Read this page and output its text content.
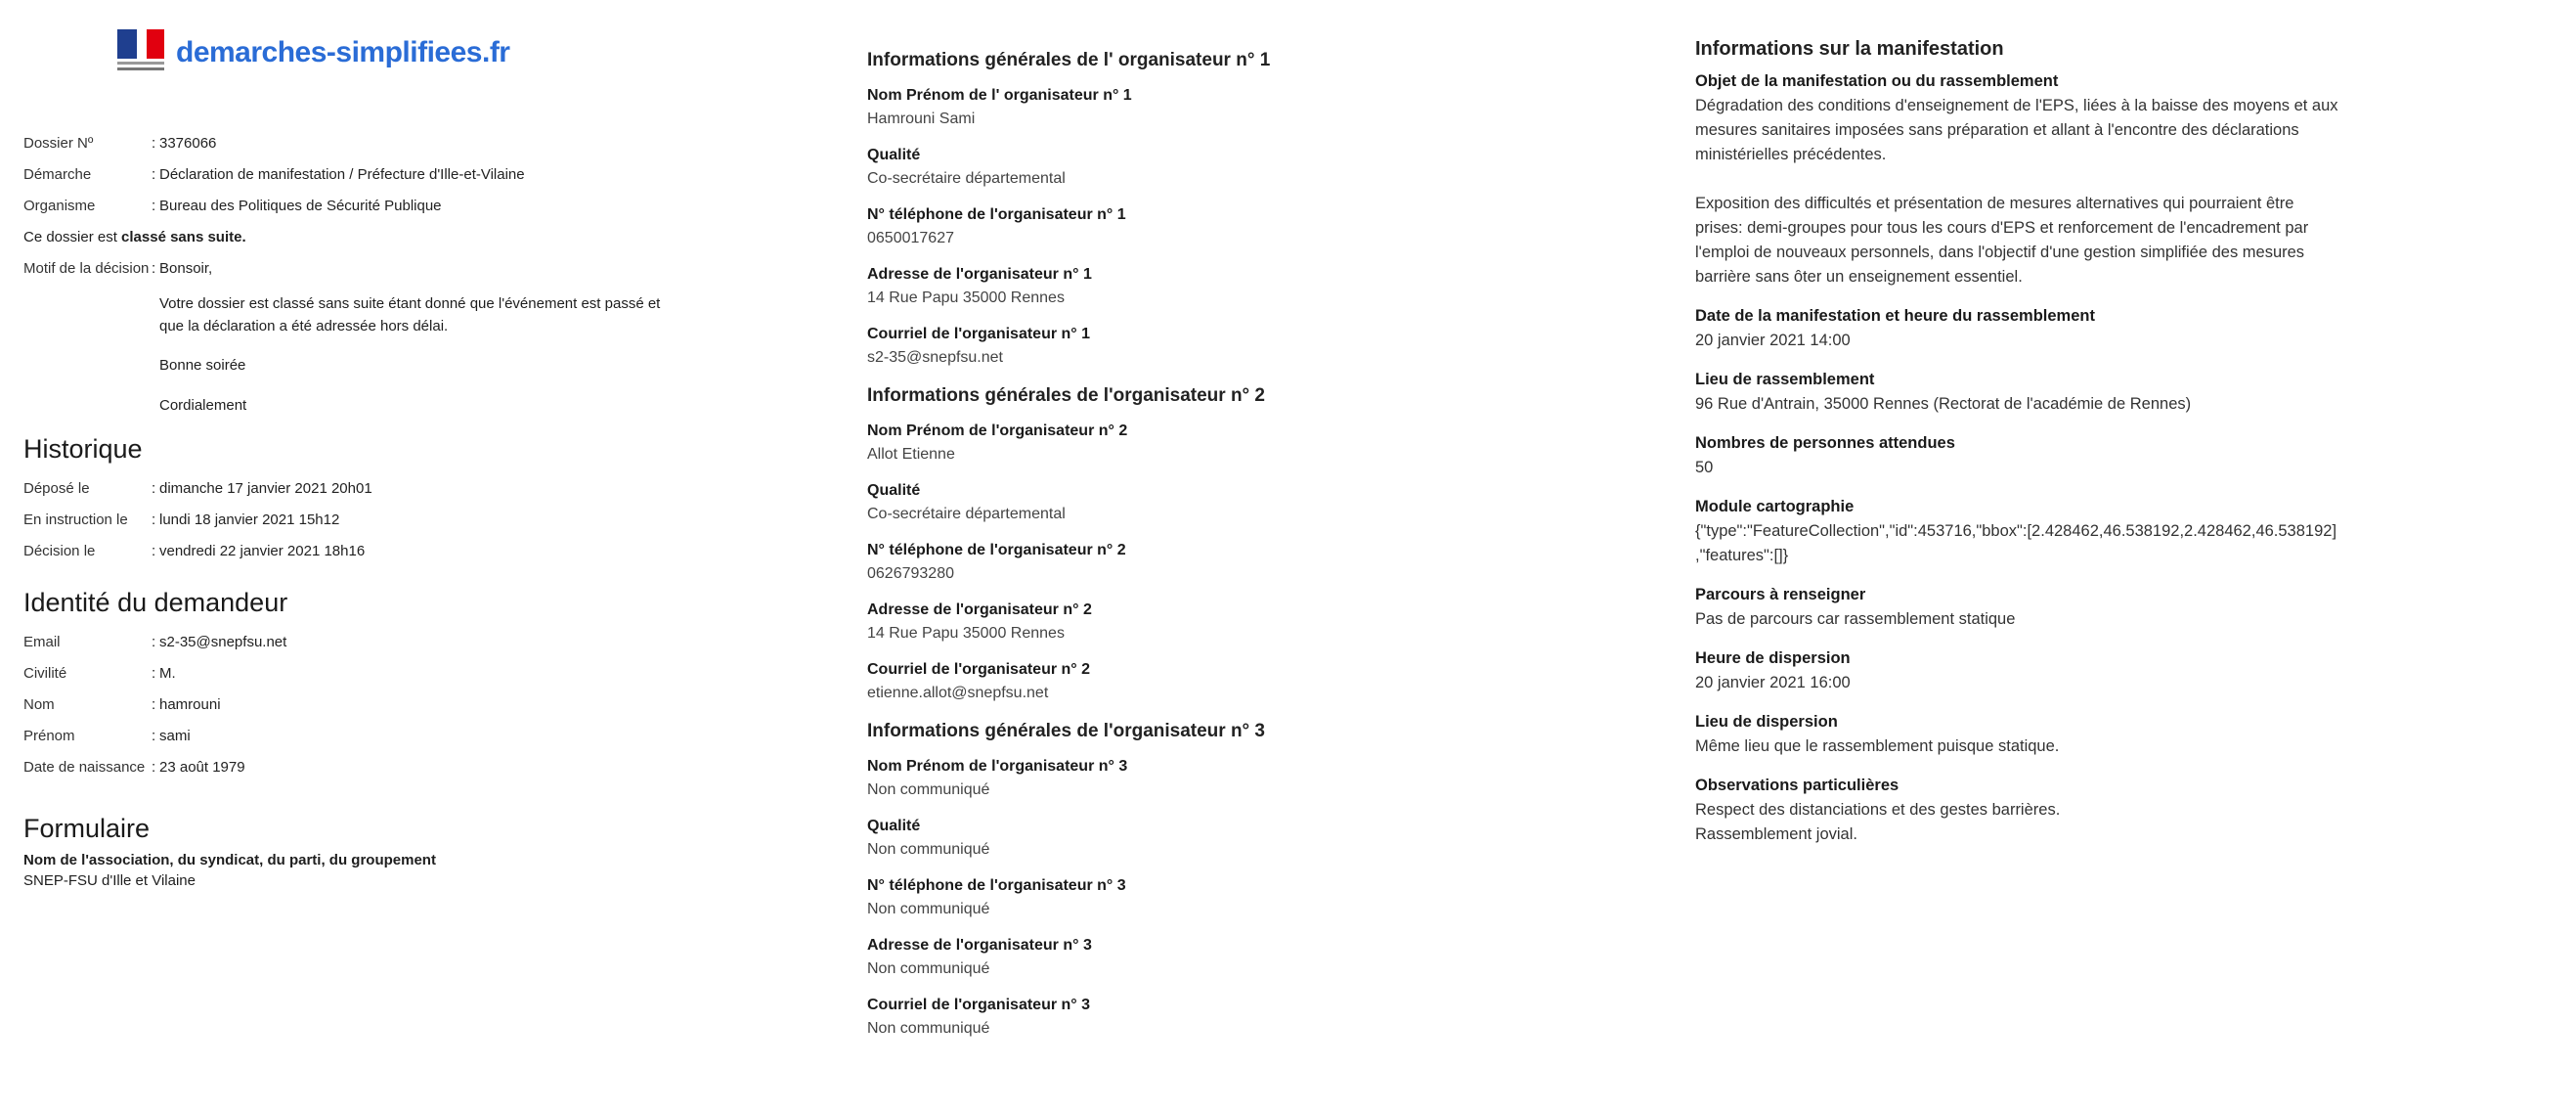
demarches-simplifiees.fr
Dossier Nº	: 3376066
Démarche	: Déclaration de manifestation / Préfecture d'Ille-et-Vilaine
Organisme	: Bureau des Politiques de Sécurité Publique
Ce dossier est classé sans suite.
Motif de la décision : Bonsoir,

Votre dossier est classé sans suite étant donné que l'événement est passé et que la déclaration a été adressée hors délai.

Bonne soirée

Cordialement

Historique
Déposé le	: dimanche 17 janvier 2021 20h01
En instruction le	: lundi 18 janvier 2021 15h12
Décision le	: vendredi 22 janvier 2021 18h16
Identité du demandeur
Email	: s2-35@snepfsu.net
Civilité	: M.
Nom	: hamrouni
Prénom	: sami
Date de naissance : 23 août 1979
Formulaire
Nom de l'association, du syndicat, du parti, du groupement
SNEP-FSU d'Ille et Vilaine
Informations générales de l' organisateur n° 1
Nom Prénom de l' organisateur n° 1
Hamrouni Sami
Qualité
Co-secrétaire départemental
N° téléphone de l'organisateur n° 1
0650017627
Adresse de l'organisateur n° 1
14 Rue Papu 35000 Rennes
Courriel de l'organisateur n° 1
s2-35@snepfsu.net
Informations générales de l'organisateur n° 2
Nom Prénom de l'organisateur n° 2
Allot Etienne
Qualité
Co-secrétaire départemental
N° téléphone de l'organisateur n° 2
0626793280
Adresse de l'organisateur n° 2
14 Rue Papu 35000 Rennes
Courriel de l'organisateur n° 2
etienne.allot@snepfsu.net
Informations générales de l'organisateur n° 3
Nom Prénom de l'organisateur n° 3
Non communiqué
Qualité
Non communiqué
N° téléphone de l'organisateur n° 3
Non communiqué
Adresse de l'organisateur n° 3
Non communiqué
Courriel de l'organisateur n° 3
Non communiqué
Informations sur la manifestation
Objet de la manifestation ou du rassemblement
Dégradation des conditions d'enseignement de l'EPS, liées à la baisse des moyens et aux
mesures sanitaires imposées sans préparation et allant à l'encontre des déclarations
ministérielles précédentes.

Exposition des difficultés et présentation de mesures alternatives qui pourraient être
prises: demi-groupes pour tous les cours d'EPS et renforcement de l'encadrement par
l'emploi de nouveaux personnels, dans l'objectif d'une gestion simplifiée des mesures
barrière sans ôter un enseignement essentiel.
Date de la manifestation et heure du rassemblement
20 janvier 2021 14:00
Lieu de rassemblement
96 Rue d'Antrain, 35000 Rennes (Rectorat de l'académie de Rennes)
Nombres de personnes attendues
50
Module cartographie
{"type":"FeatureCollection","id":453716,"bbox":[2.428462,46.538192,2.428462,46.538192]
,"features":[]}
Parcours à renseigner
Pas de parcours car rassemblement statique
Heure de dispersion
20 janvier 2021 16:00
Lieu de dispersion
Même lieu que le rassemblement puisque statique.
Observations particulières
Respect des distanciations et des gestes barrières.
Rassemblement jovial.
